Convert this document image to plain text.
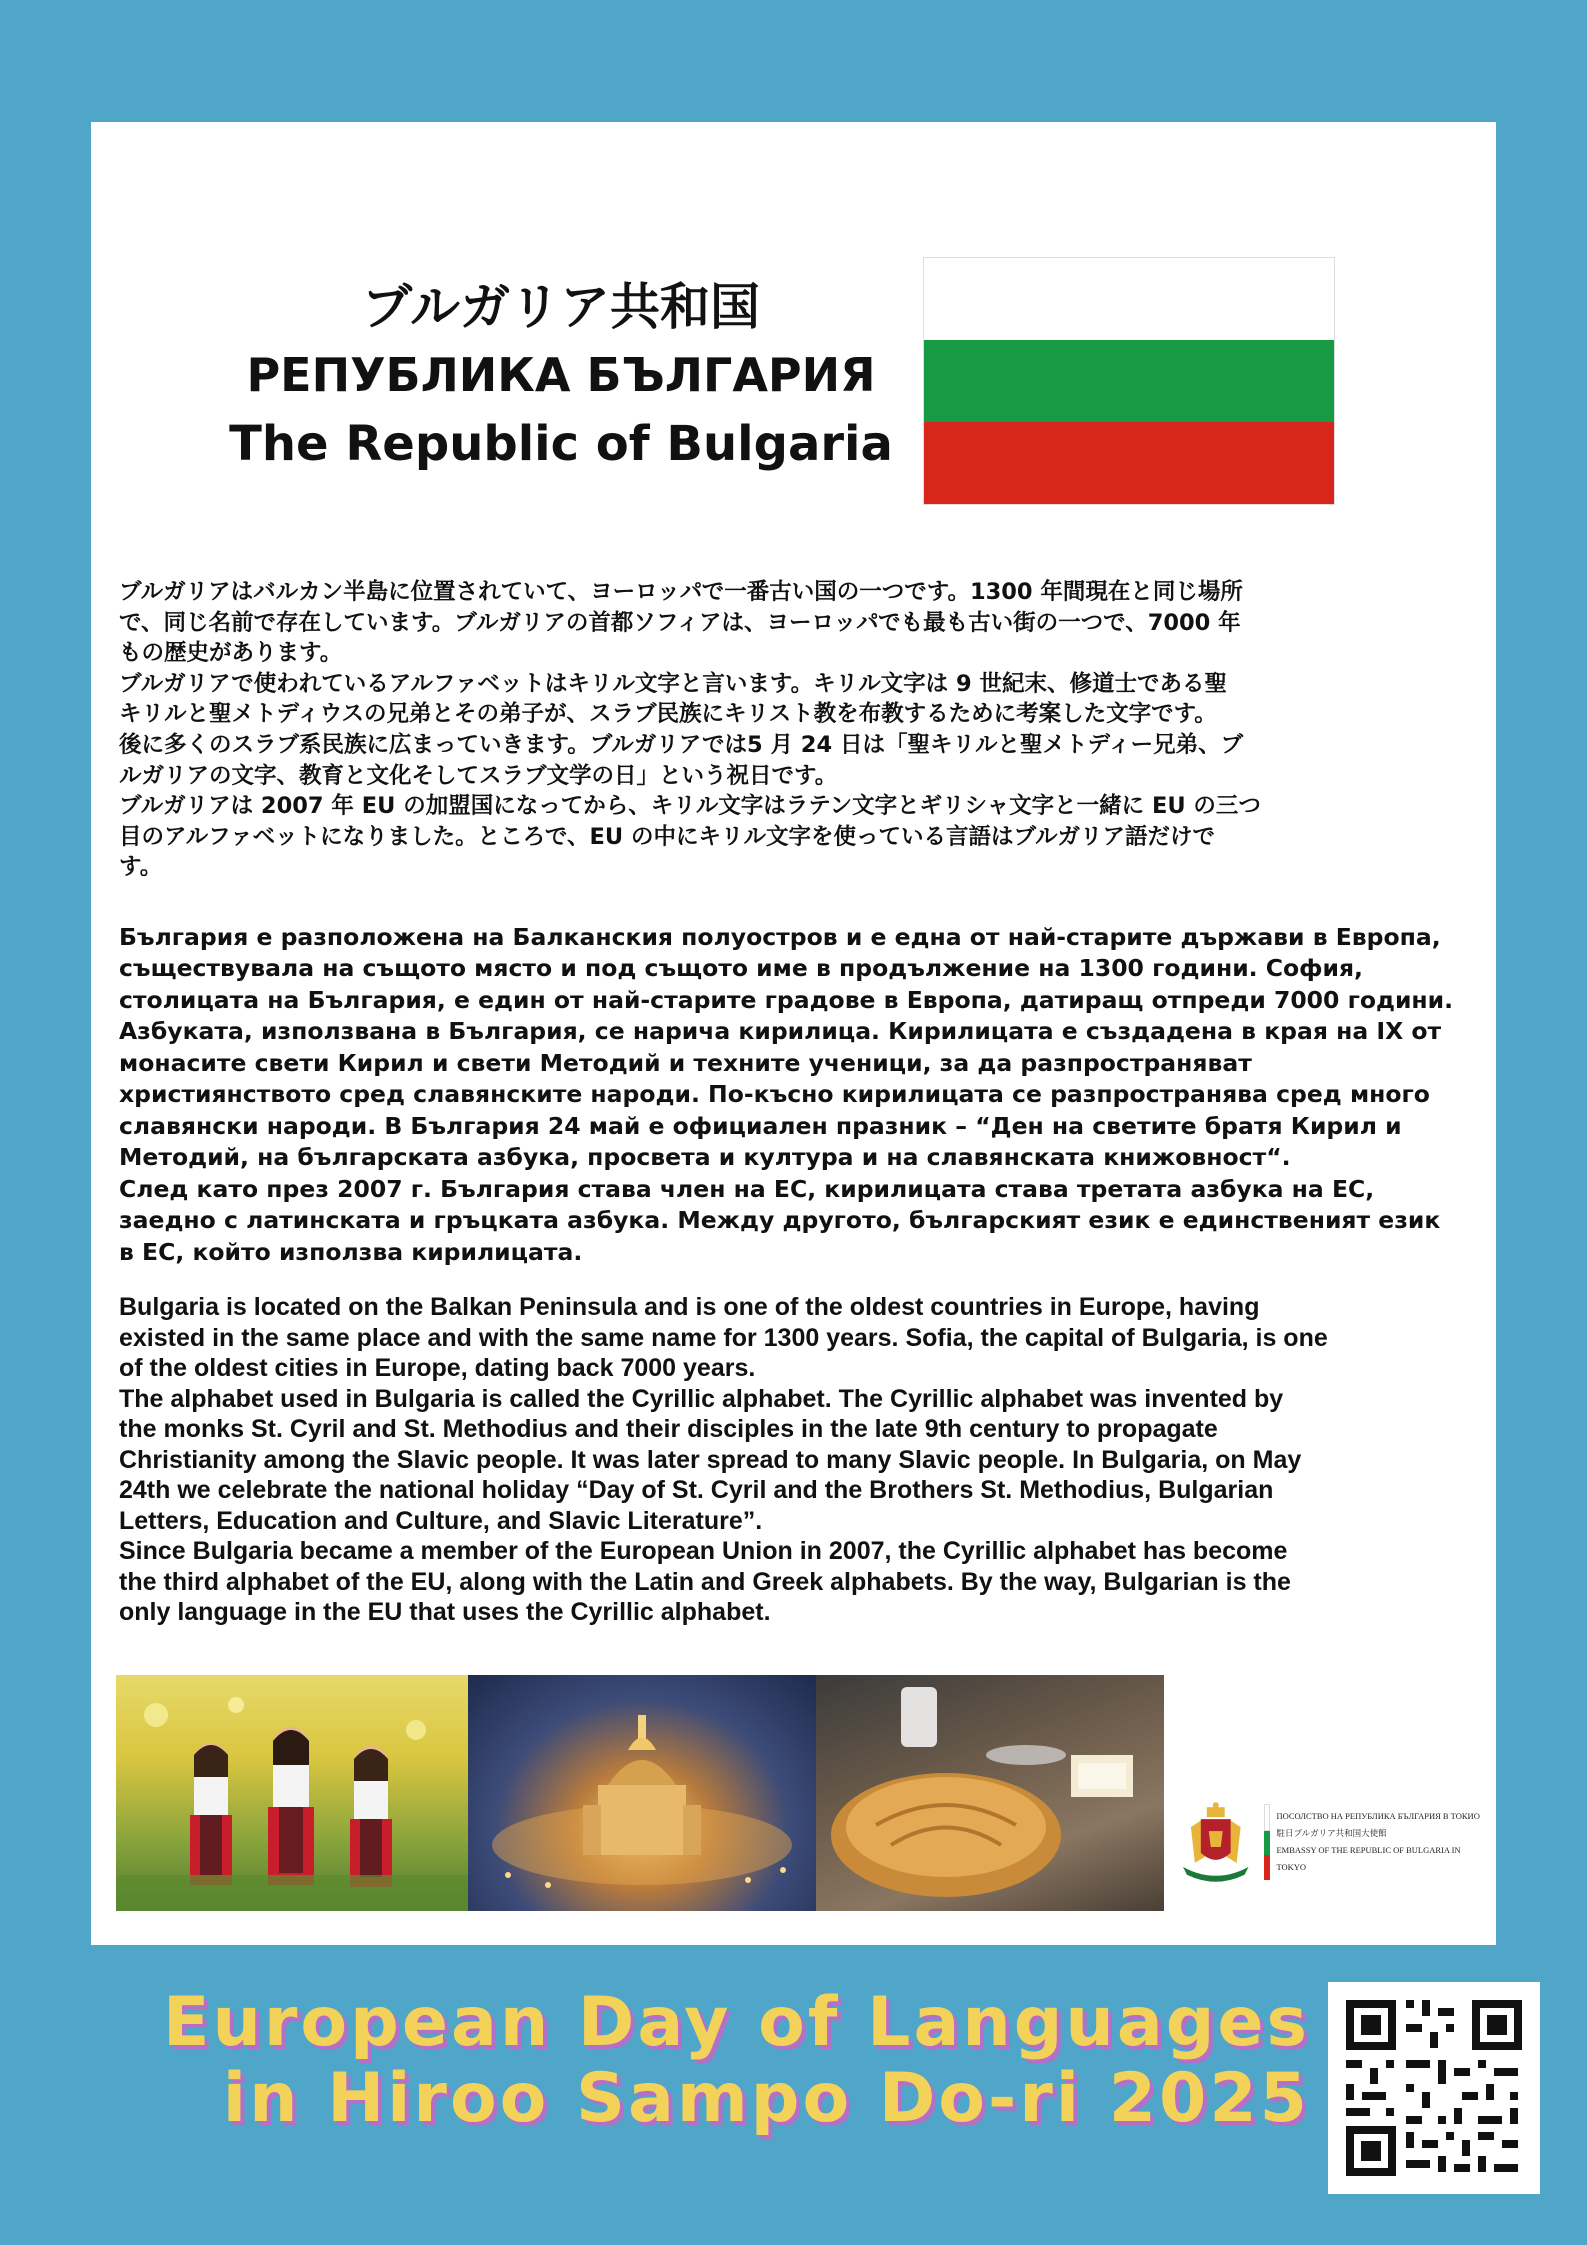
ブルガリア共和国
РЕПУБЛИКА БЪЛГАРИЯ
The Republic of Bulgaria

ブルガリアはバルカン半島に位置されていて、ヨーロッパで一番古い国の一つです。1300 年間現在と同じ場所
で、同じ名前で存在しています。ブルガリアの首都ソフィアは、ヨーロッパでも最も古い街の一つで、7000 年
もの歴史があります。
ブルガリアで使われているアルファベットはキリル文字と言います。キリル文字は 9 世紀末、修道士である聖
キリルと聖メトディウスの兄弟とその弟子が、スラブ民族にキリスト教を布教するために考案した文字です。
後に多くのスラブ系民族に広まっていきます。ブルガリアでは5 月 24 日は「聖キリルと聖メトディー兄弟、ブ
ルガリアの文字、教育と文化そしてスラブ文学の日」という祝日です。
ブルガリアは 2007 年 EU の加盟国になってから、キリル文字はラテン文字とギリシャ文字と一緒に EU の三つ
目のアルファベットになりました。ところで、EU の中にキリル文字を使っている言語はブルガリア語だけで
す。

България е разположена на Балканския полуостров и е една от най-старите държави в Европа,
съществувала на същото място и под същото име в продължение на 1300 години. София,
столицата на България, е един от най-старите градове в Европа, датиращ отпреди 7000 години.
Азбуката, използвана в България, се нарича кирилица. Кирилицата е създадена в края на IX от
монасите свети Кирил и свети Методий и техните ученици, за да разпространяват
християнството сред славянските народи. По-късно кирилицата се разпространява сред много
славянски народи. В България 24 май е официален празник – “Ден на светите братя Кирил и
Методий, на българската азбука, просвета и култура и на славянската книжовност“.
След като през 2007 г. България става член на ЕС, кирилицата става третата азбука на ЕС,
заедно с латинската и гръцката азбука. Между другото, българският език е единственият език
в ЕС, който използва кирилицата.

Bulgaria is located on the Balkan Peninsula and is one of the oldest countries in Europe, having
existed in the same place and with the same name for 1300 years. Sofia, the capital of Bulgaria, is one
of the oldest cities in Europe, dating back 7000 years.
The alphabet used in Bulgaria is called the Cyrillic alphabet. The Cyrillic alphabet was invented by
the monks St. Cyril and St. Methodius and their disciples in the late 9th century to propagate
Christianity among the Slavic people. It was later spread to many Slavic people. In Bulgaria, on May
24th we celebrate the national holiday “Day of St. Cyril and the Brothers St. Methodius, Bulgarian
Letters, Education and Culture, and Slavic Literature”.
Since Bulgaria became a member of the European Union in 2007, the Cyrillic alphabet has become
the third alphabet of the EU, along with the Latin and Greek alphabets. By the way, Bulgarian is the
only language in the EU that uses the Cyrillic alphabet.

ПОСОЛСТВО НА РЕПУБЛИКА БЪЛГАРИЯ В ТОКИО
駐日ブルガリア共和国大使館
EMBASSY OF THE REPUBLIC OF BULGARIA IN TOKYO
European Day of Languages
in Hiroo Sampo Do-ri 2025
